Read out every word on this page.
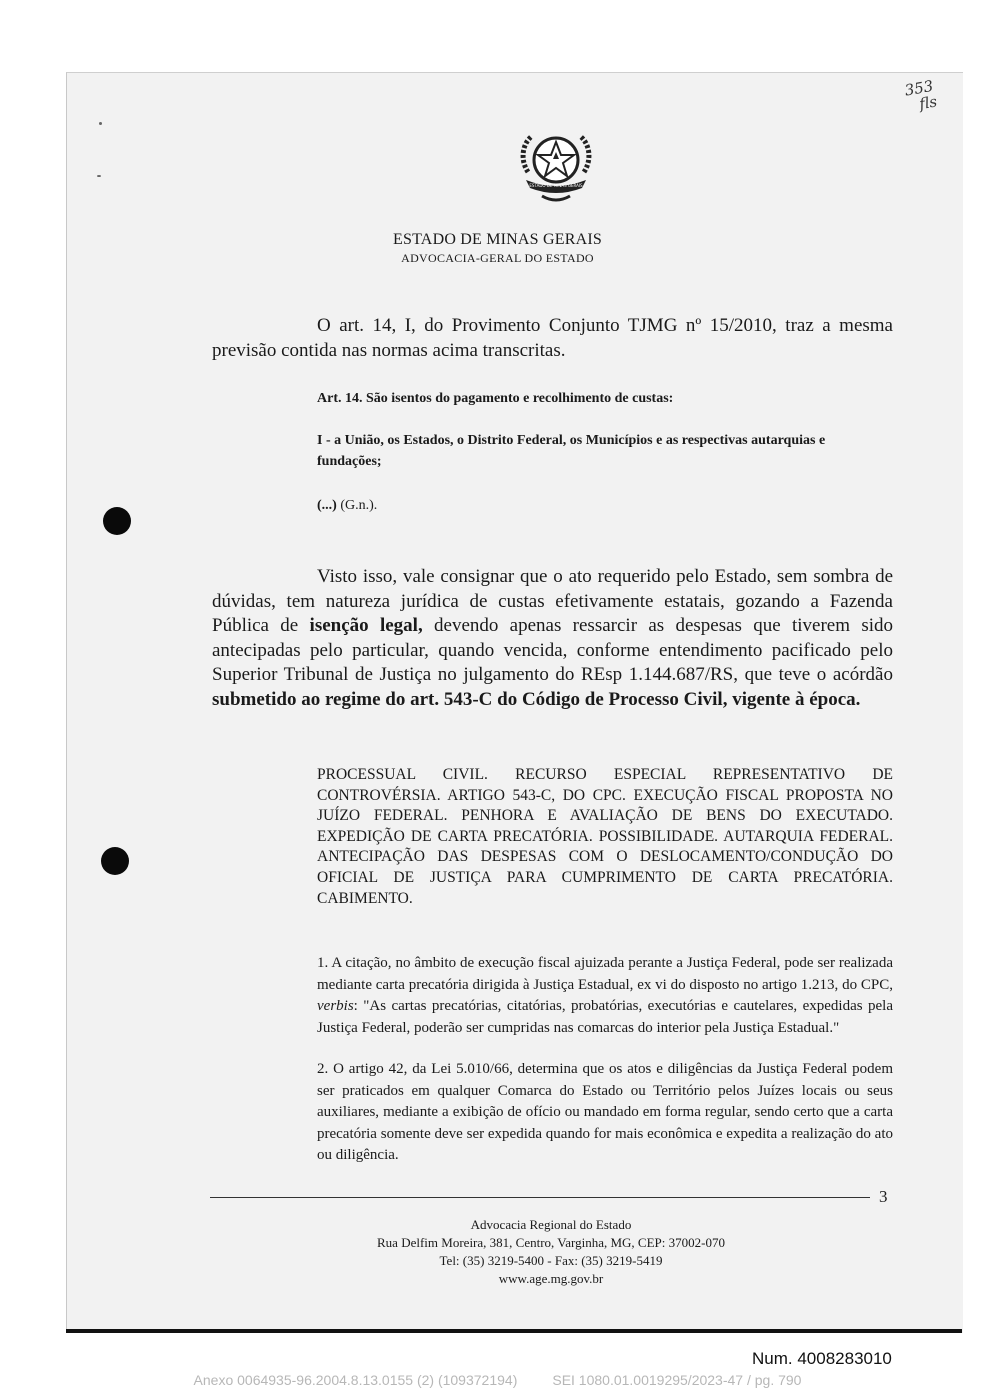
353
fls
ESTADO DE MINAS GERAIS
ESTADO DE MINAS GERAIS
ADVOCACIA-GERAL DO ESTADO
O art. 14, I, do Provimento Conjunto TJMG nº 15/2010, traz a mesma previsão contida nas normas acima transcritas.
Art. 14. São isentos do pagamento e recolhimento de custas:
I - a União, os Estados, o Distrito Federal, os Municípios e as respectivas autarquias e fundações;
(...) (G.n.).
Visto isso, vale consignar que o ato requerido pelo Estado, sem sombra de dúvidas, tem natureza jurídica de custas efetivamente estatais, gozando a Fazenda Pública de isenção legal, devendo apenas ressarcir as despesas que tiverem sido antecipadas pelo particular, quando vencida, conforme entendimento pacificado pelo Superior Tribunal de Justiça no julgamento do REsp 1.144.687/RS, que teve o acórdão submetido ao regime do art. 543-C do Código de Processo Civil, vigente à época.
PROCESSUAL CIVIL. RECURSO ESPECIAL REPRESENTATIVO DE CONTROVÉRSIA. ARTIGO 543-C, DO CPC. EXECUÇÃO FISCAL PROPOSTA NO JUÍZO FEDERAL. PENHORA E AVALIAÇÃO DE BENS DO EXECUTADO. EXPEDIÇÃO DE CARTA PRECATÓRIA. POSSIBILIDADE. AUTARQUIA FEDERAL. ANTECIPAÇÃO DAS DESPESAS COM O DESLOCAMENTO/CONDUÇÃO DO OFICIAL DE JUSTIÇA PARA CUMPRIMENTO DE CARTA PRECATÓRIA. CABIMENTO.
1. A citação, no âmbito de execução fiscal ajuizada perante a Justiça Federal, pode ser realizada mediante carta precatória dirigida à Justiça Estadual, ex vi do disposto no artigo 1.213, do CPC, verbis: "As cartas precatórias, citatórias, probatórias, executórias e cautelares, expedidas pela Justiça Federal, poderão ser cumpridas nas comarcas do interior pela Justiça Estadual."
2. O artigo 42, da Lei 5.010/66, determina que os atos e diligências da Justiça Federal podem ser praticados em qualquer Comarca do Estado ou Território pelos Juízes locais ou seus auxiliares, mediante a exibição de ofício ou mandado em forma regular, sendo certo que a carta precatória somente deve ser expedida quando for mais econômica e expedita a realização do ato ou diligência.
3
Advocacia Regional do Estado
Rua Delfim Moreira, 381, Centro, Varginha, MG, CEP: 37002-070
Tel: (35) 3219-5400 - Fax: (35) 3219-5419
www.age.mg.gov.br
Num. 4008283010
Anexo 0064935-96.2004.8.13.0155 (2) (109372194)         SEI 1080.01.0019295/2023-47 / pg. 790
